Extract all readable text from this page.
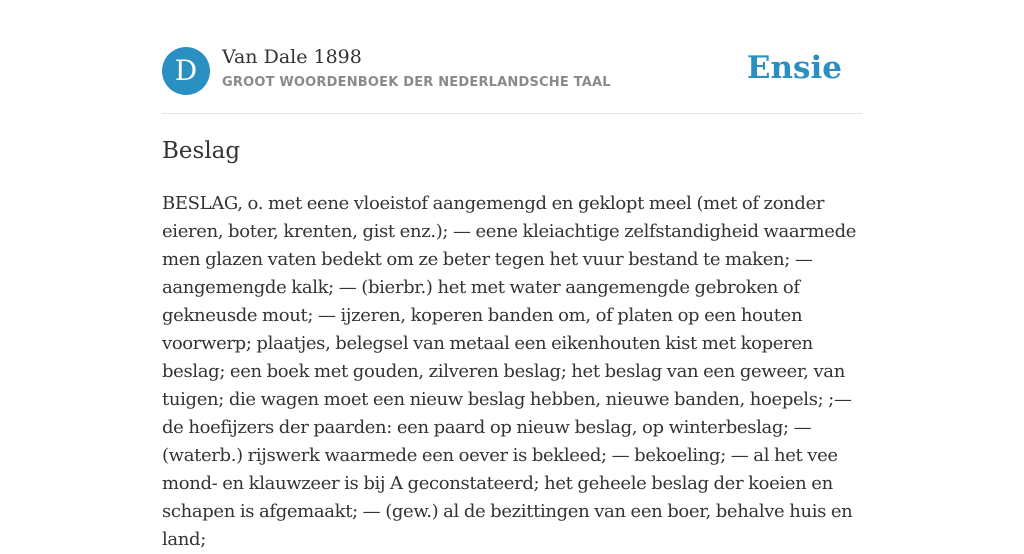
D	Van Dale 1898
GROOT WOORDENBOEK DER NEDERLANDSCHE TAAL	Ensie
Beslag

BESLAG, o. met eene vloeistof aangemengd en geklopt meel (met of zonder eieren, boter, krenten, gist enz.); — eene kleiachtige zelfstandigheid waarmede men glazen vaten bedekt om ze beter tegen het vuur bestand te maken; — aangemengde kalk; — (bierbr.) het met water aangemengde gebroken of gekneusde mout; — ijzeren, koperen banden om, of platen op een houten voorwerp; plaatjes, belegsel van metaal een eikenhouten kist met koperen beslag; een boek met gouden, zilveren beslag; het beslag van een geweer, van tuigen; die wagen moet een nieuw beslag hebben, nieuwe banden, hoepels; ;— de hoefijzers der paarden: een paard op nieuw beslag, op winterbeslag; — (waterb.) rijswerk waarmede een oever is bekleed; — bekoeling; — al het vee mond- en klauwzeer is bij A geconstateerd; het geheele beslag der koeien en schapen is afgemaakt; — (gew.) al de bezittingen van een boer, behalve huis en land;
